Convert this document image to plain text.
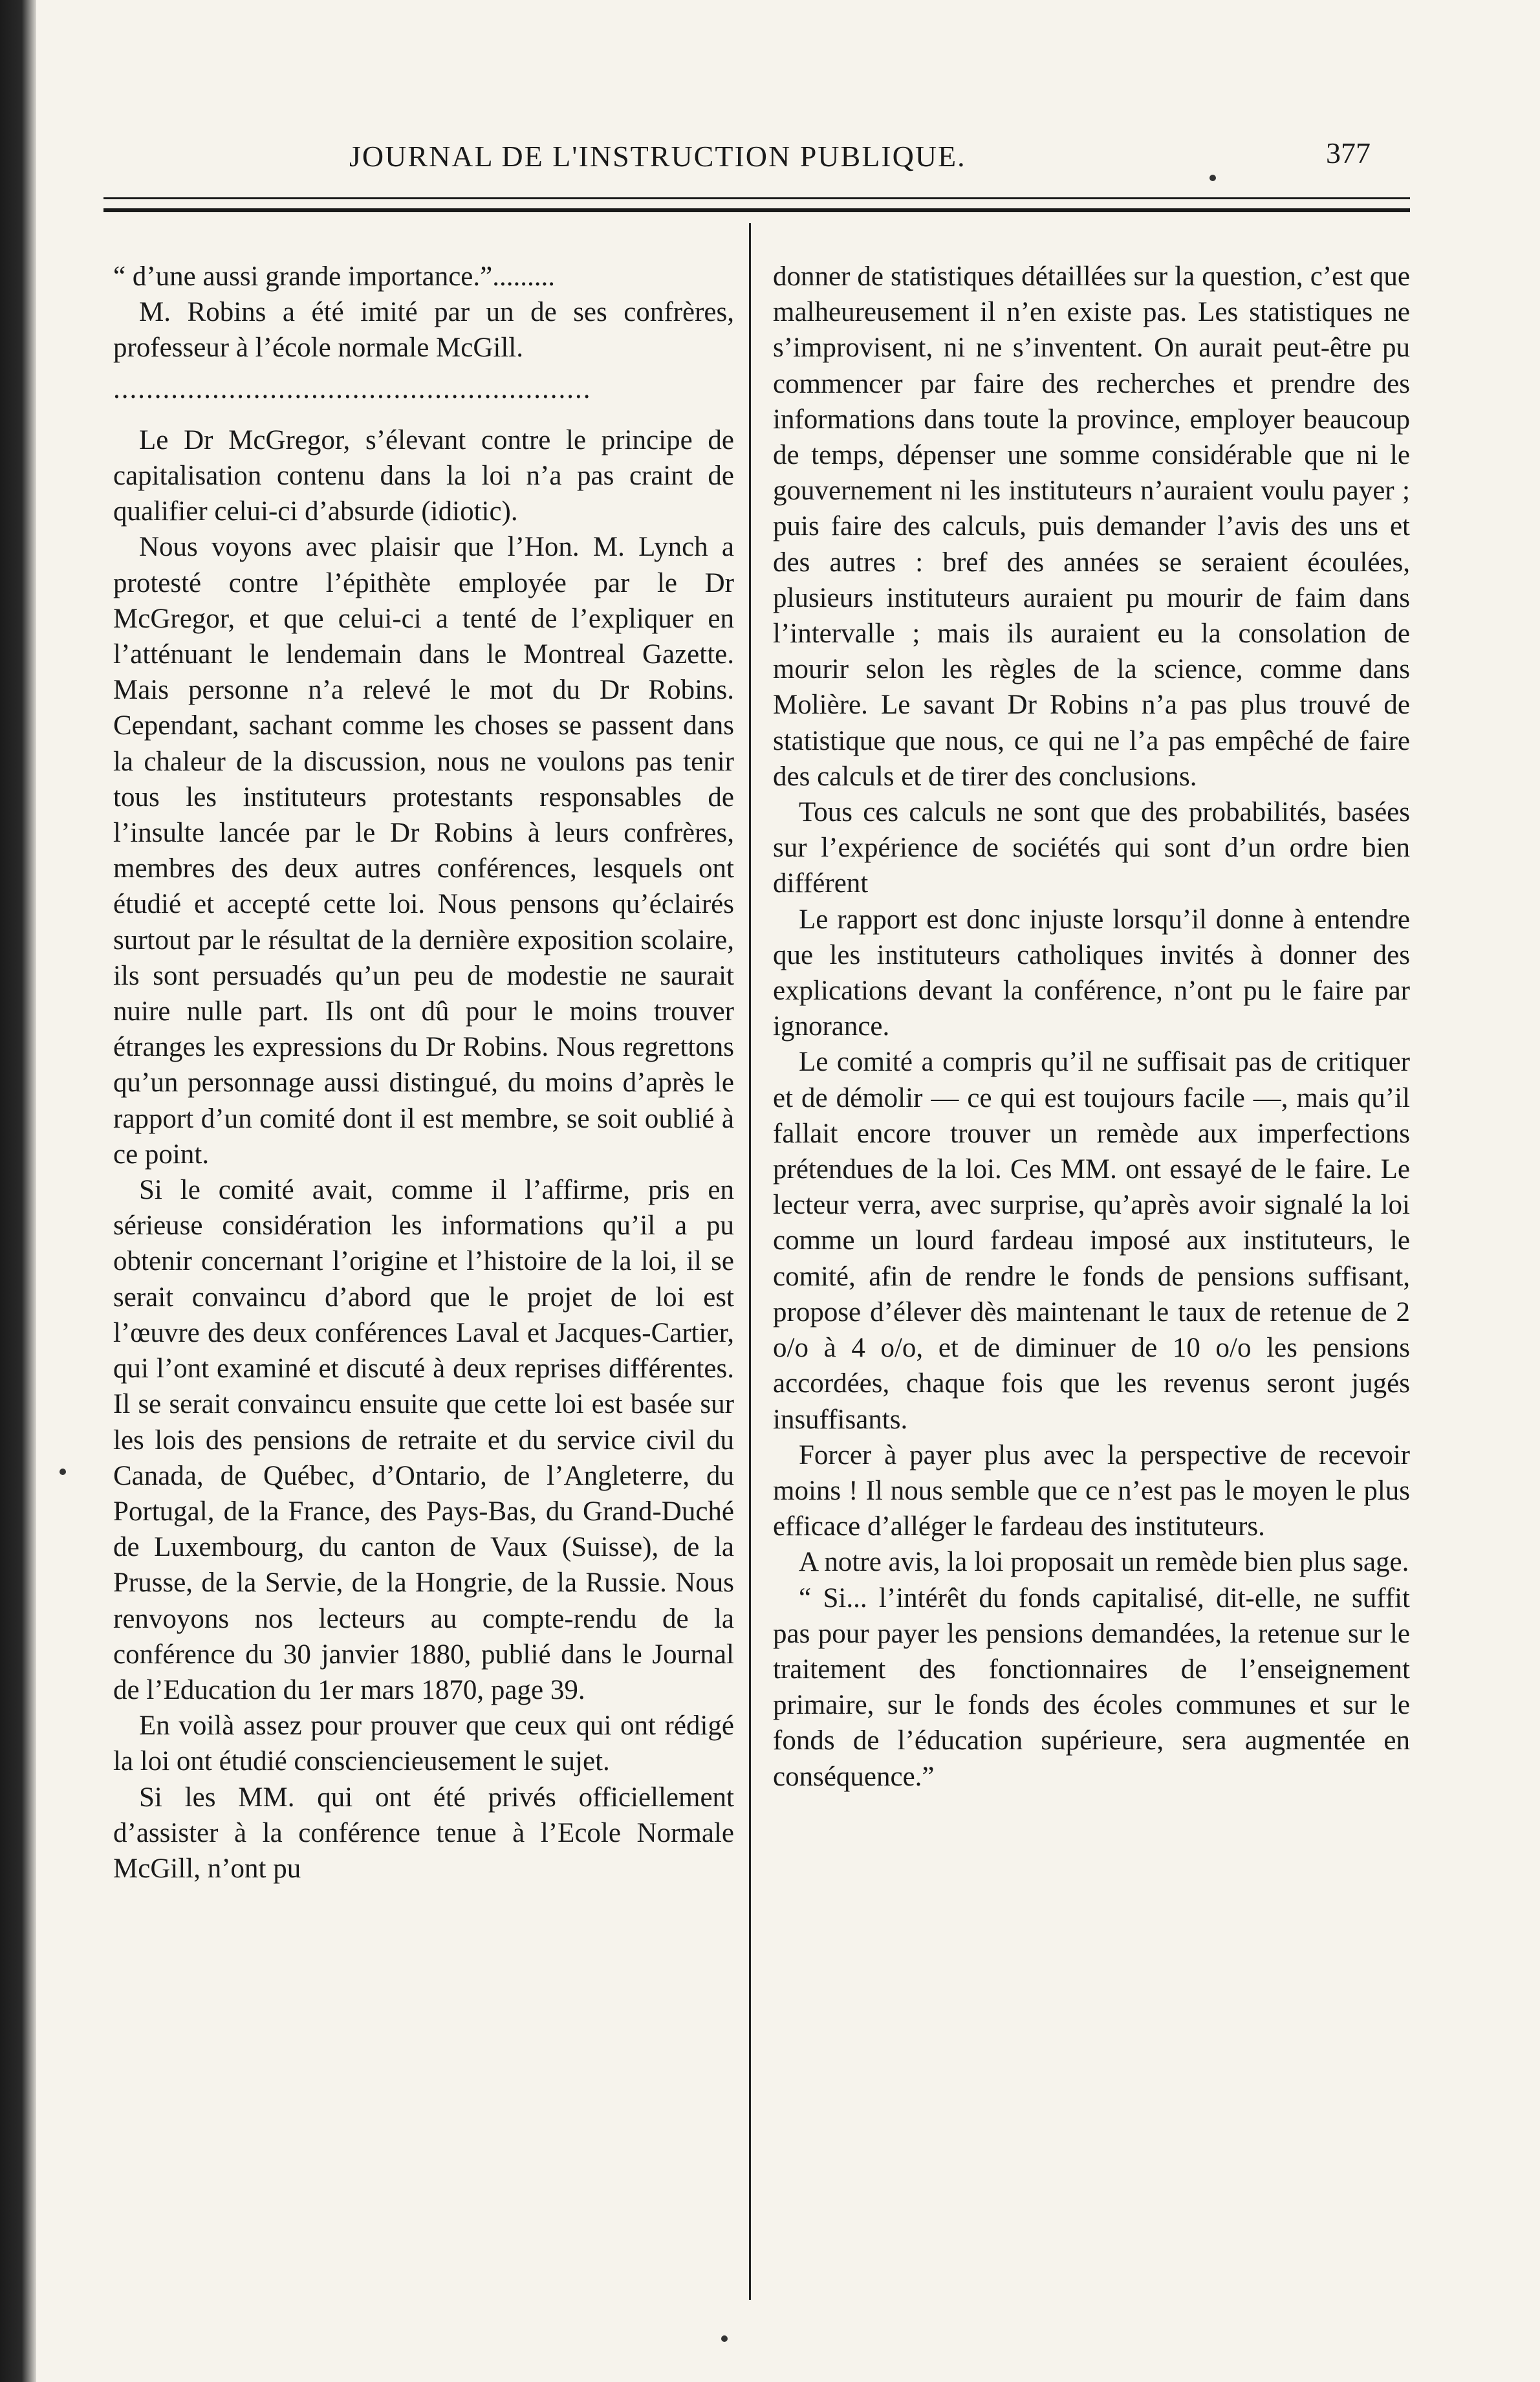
JOURNAL DE L'INSTRUCTION PUBLIQUE.	377

“ d’une aussi grande importance.”.........

M. Robins a été imité par un de ses confrères, professeur à l’école normale McGill.

..........................................................

Le Dr McGregor, s’élevant contre le principe de capitalisation contenu dans la loi n’a pas craint de qualifier celui-ci d’absurde (idiotic).

Nous voyons avec plaisir que l’Hon. M. Lynch a protesté contre l’épithète employée par le Dr McGregor, et que celui-ci a tenté de l’expliquer en l’atténuant le lendemain dans le Montreal Gazette. Mais personne n’a relevé le mot du Dr Robins. Cependant, sachant comme les choses se passent dans la chaleur de la discussion, nous ne voulons pas tenir tous les instituteurs protestants responsables de l’insulte lancée par le Dr Robins à leurs confrères, membres des deux autres conférences, lesquels ont étudié et accepté cette loi. Nous pensons qu’éclairés surtout par le résultat de la dernière exposition scolaire, ils sont persuadés qu’un peu de modestie ne saurait nuire nulle part. Ils ont dû pour le moins trouver étranges les expressions du Dr Robins. Nous regrettons qu’un personnage aussi distingué, du moins d’après le rapport d’un comité dont il est membre, se soit oublié à ce point.

Si le comité avait, comme il l’affirme, pris en sérieuse considération les informations qu’il a pu obtenir concernant l’origine et l’histoire de la loi, il se serait convaincu d’abord que le projet de loi est l’œuvre des deux conférences Laval et Jacques-Cartier, qui l’ont examiné et discuté à deux reprises différentes. Il se serait convaincu ensuite que cette loi est basée sur les lois des pensions de retraite et du service civil du Canada, de Québec, d’Ontario, de l’Angleterre, du Portugal, de la France, des Pays-Bas, du Grand-Duché de Luxembourg, du canton de Vaux (Suisse), de la Prusse, de la Servie, de la Hongrie, de la Russie. Nous renvoyons nos lecteurs au compte-rendu de la conférence du 30 janvier 1880, publié dans le Journal de l’Education du 1er mars 1870, page 39.

En voilà assez pour prouver que ceux qui ont rédigé la loi ont étudié consciencieusement le sujet.

Si les MM. qui ont été privés officiellement d’assister à la conférence tenue à l’Ecole Normale McGill, n’ont pu

donner de statistiques détaillées sur la question, c’est que malheureusement il n’en existe pas. Les statistiques ne s’improvisent, ni ne s’inventent. On aurait peut-être pu commencer par faire des recherches et prendre des informations dans toute la province, employer beaucoup de temps, dépenser une somme considérable que ni le gouvernement ni les instituteurs n’auraient voulu payer ; puis faire des calculs, puis demander l’avis des uns et des autres : bref des années se seraient écoulées, plusieurs instituteurs auraient pu mourir de faim dans l’intervalle ; mais ils auraient eu la consolation de mourir selon les règles de la science, comme dans Molière. Le savant Dr Robins n’a pas plus trouvé de statistique que nous, ce qui ne l’a pas empêché de faire des calculs et de tirer des conclusions.

Tous ces calculs ne sont que des probabilités, basées sur l’expérience de sociétés qui sont d’un ordre bien différent

Le rapport est donc injuste lorsqu’il donne à entendre que les instituteurs catholiques invités à donner des explications devant la conférence, n’ont pu le faire par ignorance.

Le comité a compris qu’il ne suffisait pas de critiquer et de démolir — ce qui est toujours facile —, mais qu’il fallait encore trouver un remède aux imperfections prétendues de la loi. Ces MM. ont essayé de le faire. Le lecteur verra, avec surprise, qu’après avoir signalé la loi comme un lourd fardeau imposé aux instituteurs, le comité, afin de rendre le fonds de pensions suffisant, propose d’élever dès maintenant le taux de retenue de 2 o/o à 4 o/o, et de diminuer de 10 o/o les pensions accordées, chaque fois que les revenus seront jugés insuffisants.

Forcer à payer plus avec la perspective de recevoir moins ! Il nous semble que ce n’est pas le moyen le plus efficace d’alléger le fardeau des instituteurs.

A notre avis, la loi proposait un remède bien plus sage.

“ Si... l’intérêt du fonds capitalisé, dit-elle, ne suffit pas pour payer les pensions demandées, la retenue sur le traitement des fonctionnaires de l’enseignement primaire, sur le fonds des écoles communes et sur le fonds de l’éducation supérieure, sera augmentée en conséquence.”
